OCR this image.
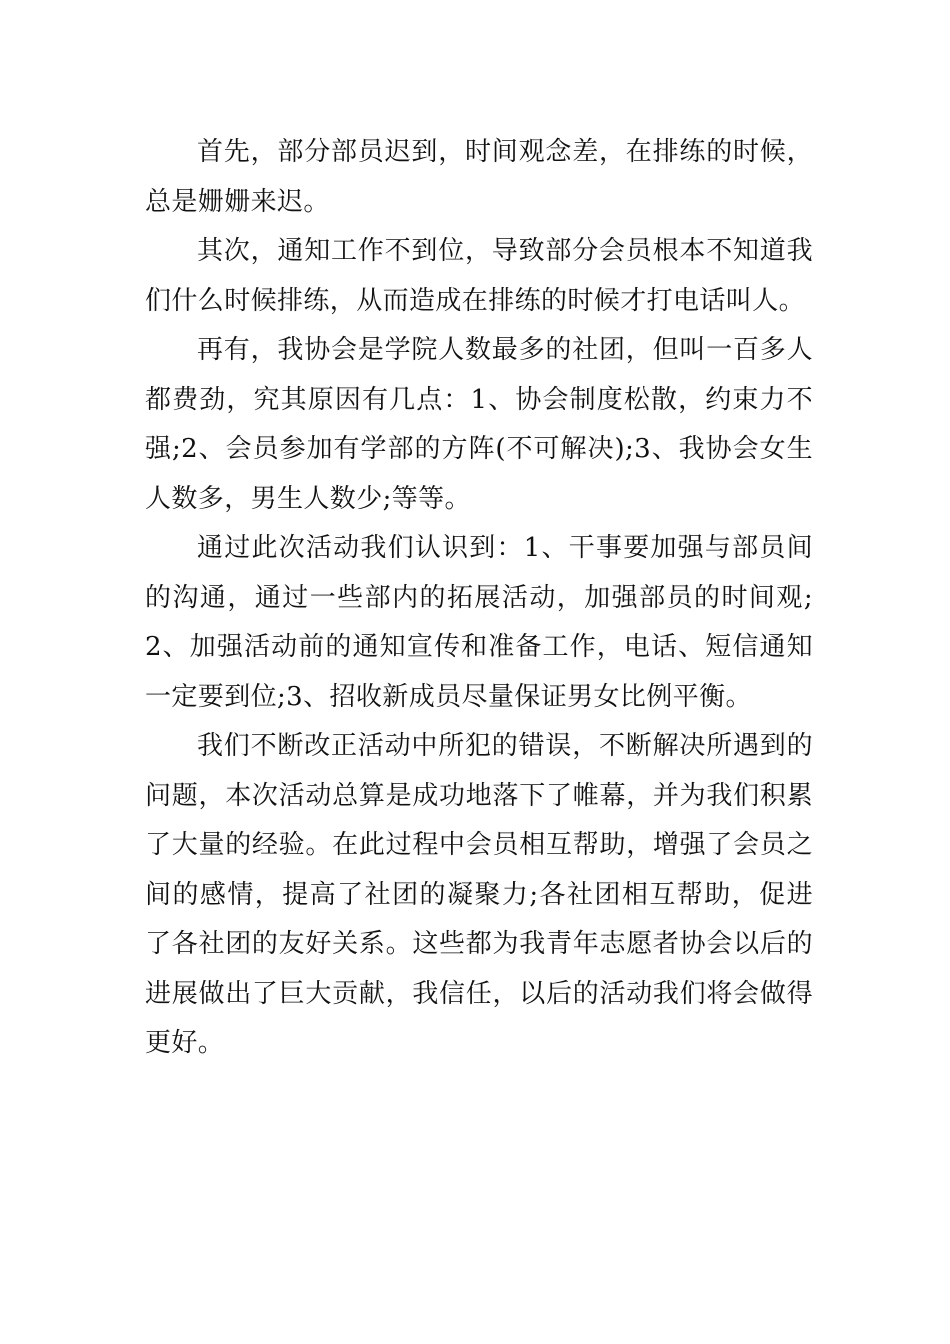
首先，部分部员迟到，时间观念差，在排练的时候，总是姗姗来迟。

其次，通知工作不到位，导致部分会员根本不知道我们什么时候排练，从而造成在排练的时候才打电话叫人。

再有，我协会是学院人数最多的社团，但叫一百多人都费劲，究其原因有几点：1、协会制度松散，约束力不强;2、会员参加有学部的方阵(不可解决);3、我协会女生人数多，男生人数少;等等。

通过此次活动我们认识到：1、干事要加强与部员间的沟通，通过一些部内的拓展活动，加强部员的时间观;2、加强活动前的通知宣传和准备工作，电话、短信通知一定要到位;3、招收新成员尽量保证男女比例平衡。

我们不断改正活动中所犯的错误，不断解决所遇到的问题，本次活动总算是成功地落下了帷幕，并为我们积累了大量的经验。在此过程中会员相互帮助，增强了会员之间的感情，提高了社团的凝聚力;各社团相互帮助，促进了各社团的友好关系。这些都为我青年志愿者协会以后的进展做出了巨大贡献，我信任，以后的活动我们将会做得更好。
